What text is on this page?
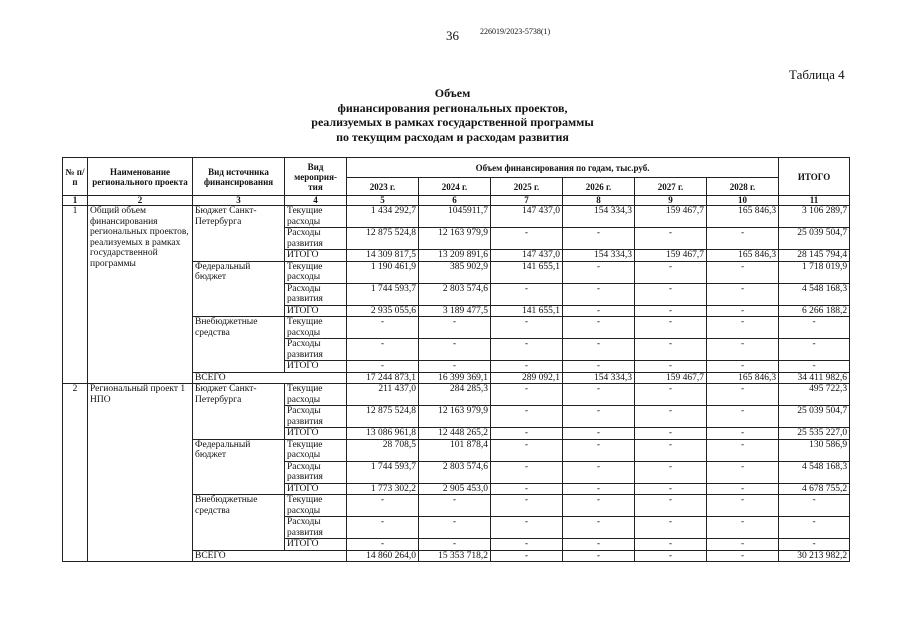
36	226019/2023-5738(1)
Таблица 4
Объем
финансирования региональных проектов,
реализуемых в рамках государственной программы
по текущим расходам и расходам развития
№ п/п	Наименование регионального проекта	Вид источника финансирования	Вид мероприя- тия	Объем финансирования по годам, тыс.руб.						ИТОГО
				2023 г.	2024 г.	2025 г.	2026 г.	2027 г.	2028 г.	
1	2	3	4	5	6	7	8	9	10	11
1	Общий объем финансирования региональных проектов, реализуемых в рамках государственной программы	Бюджет Санкт-Петербурга	Текущие расходы	1 434 292,7	1045911,7	147 437,0	154 334,3	159 467,7	165 846,3	3 106 289,7
			Расходы развития	12 875 524,8	12 163 979,9	-	-	-	-	25 039 504,7
			ИТОГО	14 309 817,5	13 209 891,6	147 437,0	154 334,3	159 467,7	165 846,3	28 145 794,4
		Федеральный бюджет	Текущие расходы	1 190 461,9	385 902,9	141 655,1	-	-	-	1 718 019,9
			Расходы развития	1 744 593,7	2 803 574,6	-	-	-	-	4 548 168,3
			ИТОГО	2 935 055,6	3 189 477,5	141 655,1	-	-	-	6 266 188,2
		Внебюджетные средства	Текущие расходы	-	-	-	-	-	-	-
			Расходы развития	-	-	-	-	-	-	-
			ИТОГО	-	-	-	-	-	-	-
		ВСЕГО		17 244 873,1	16 399 369,1	289 092,1	154 334,3	159 467,7	165 846,3	34 411 982,6
2	Региональный проект 1 НПО	Бюджет Санкт-Петербурга	Текущие расходы	211 437,0	284 285,3	-	-	-	-	495 722,3
			Расходы развития	12 875 524,8	12 163 979,9	-	-	-	-	25 039 504,7
			ИТОГО	13 086 961,8	12 448 265,2	-	-	-	-	25 535 227,0
		Федеральный бюджет	Текущие расходы	28 708,5	101 878,4	-	-	-	-	130 586,9
			Расходы развития	1 744 593,7	2 803 574,6	-	-	-	-	4 548 168,3
			ИТОГО	1 773 302,2	2 905 453,0	-	-	-	-	4 678 755,2
		Внебюджетные средства	Текущие расходы	-	-	-	-	-	-	-
			Расходы развития	-	-	-	-	-	-	-
			ИТОГО	-	-	-	-	-	-	-
		ВСЕГО		14 860 264,0	15 353 718,2	-	-	-	-	30 213 982,2
